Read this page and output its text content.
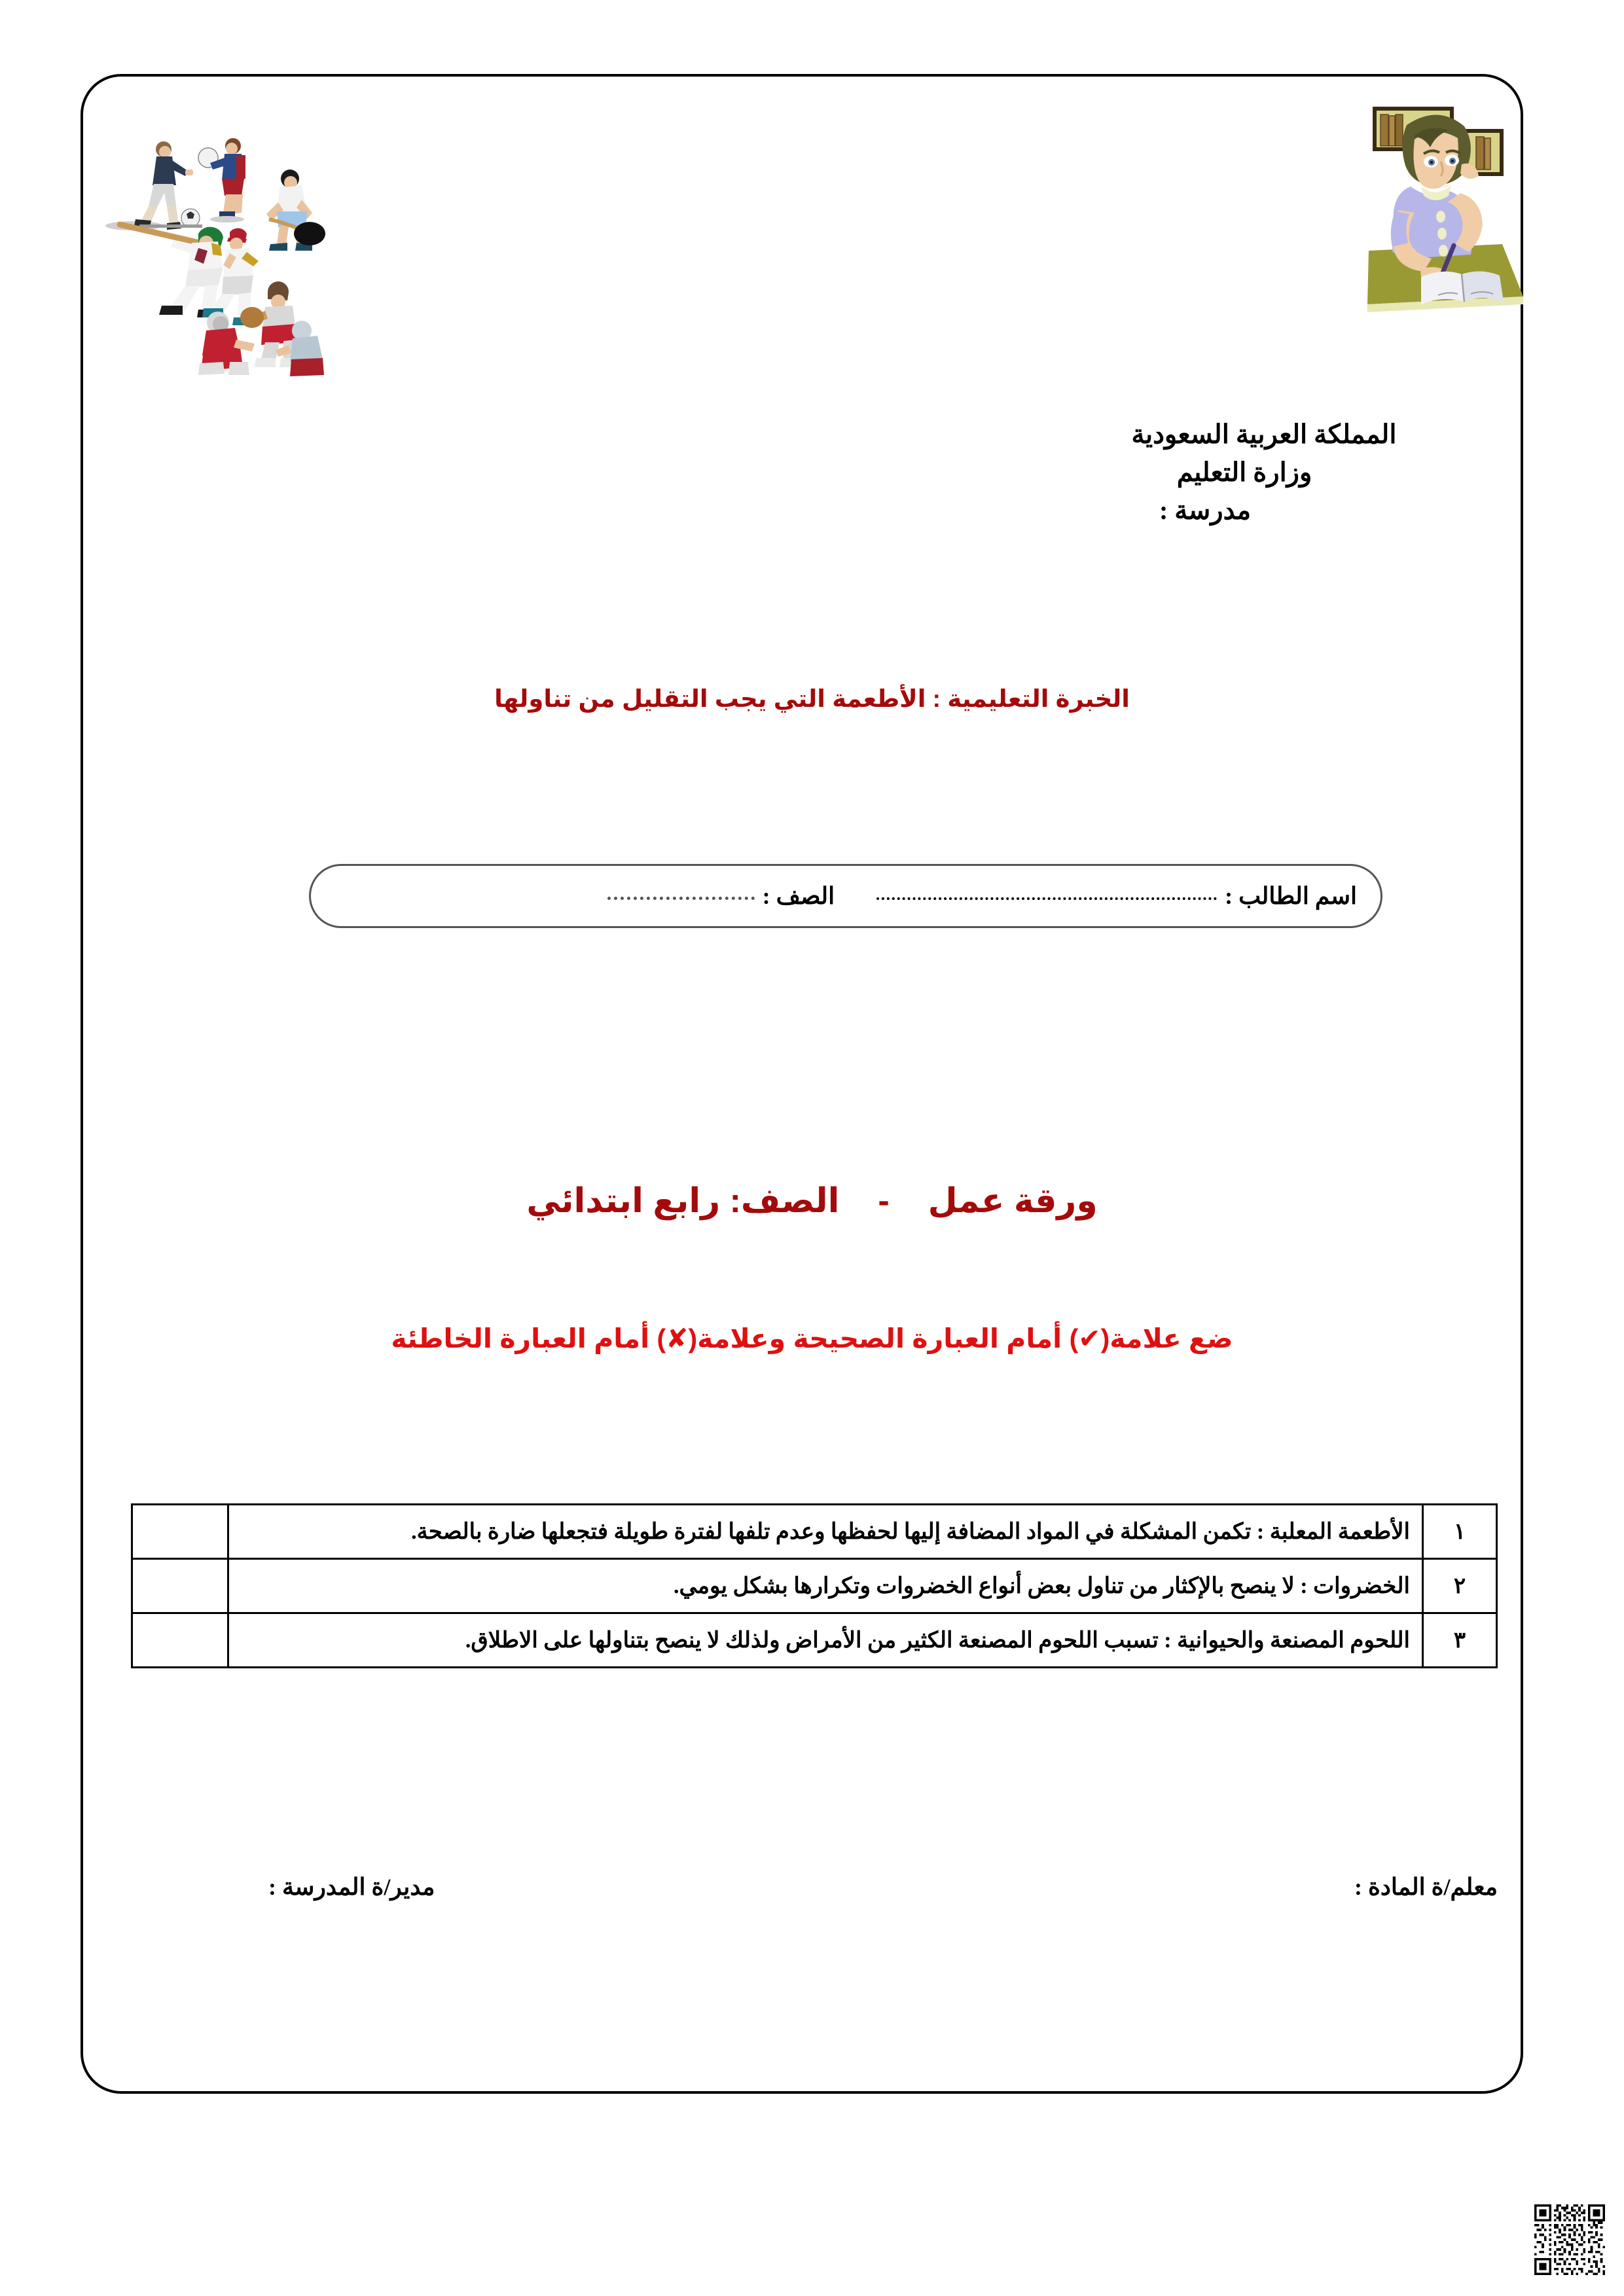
المملكة العربية السعودية
وزارة التعليم
مدرسة :
الخبرة التعليمية : الأطعمة التي يجب التقليل من تناولها
اسم الطالب :
الصف :
ورقة عمل  -  الصف: رابع ابتدائي
ضع علامة(✔) أمام العبارة الصحيحة وعلامة(✘) أمام العبارة الخاطئة
١	الأطعمة المعلبة : تكمن المشكلة في المواد المضافة إليها لحفظها وعدم تلفها لفترة طويلة فتجعلها ضارة بالصحة.	
٢	الخضروات : لا ينصح بالإكثار من تناول بعض أنواع الخضروات وتكرارها بشكل يومي.	
٣	اللحوم المصنعة والحيوانية : تسبب اللحوم المصنعة الكثير من الأمراض ولذلك لا ينصح بتناولها على الاطلاق.	
معلم/ة المادة :
مدير/ة المدرسة :
